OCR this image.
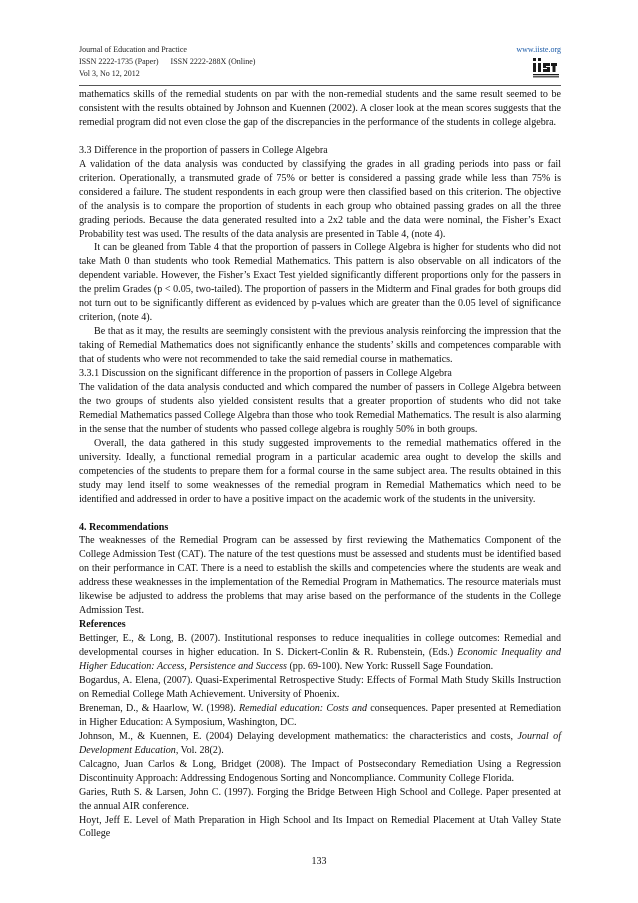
Journal of Education and Practice	www.iiste.org
ISSN 2222-1735 (Paper) ISSN 2222-288X (Online)
Vol 3, No 12, 2012

mathematics skills of the remedial students on par with the non-remedial students and the same result seemed to be consistent with the results obtained by Johnson and Kuennen (2002). A closer look at the mean scores suggests that the remedial program did not even close the gap of the discrepancies in the performance of the students in college algebra.

3.3 Difference in the proportion of passers in College Algebra

A validation of the data analysis was conducted by classifying the grades in all grading periods into pass or fail criterion. Operationally, a transmuted grade of 75% or better is considered a passing grade while less than 75% is considered a failure. The student respondents in each group were then classified based on this criterion. The objective of the analysis is to compare the proportion of students in each group who obtained passing grades on all the three grading periods. Because the data generated resulted into a 2x2 table and the data were nominal, the Fisher’s Exact Probability test was used. The results of the data analysis are presented in Table 4, (note 4).

It can be gleaned from Table 4 that the proportion of passers in College Algebra is higher for students who did not take Math 0 than students who took Remedial Mathematics. This pattern is also observable on all indicators of the dependent variable. However, the Fisher’s Exact Test yielded significantly different proportions only for the passers in the prelim Grades (p < 0.05, two-tailed). The proportion of passers in the Midterm and Final grades for both groups did not turn out to be significantly different as evidenced by p-values which are greater than the 0.05 level of significance criterion, (note 4).

Be that as it may, the results are seemingly consistent with the previous analysis reinforcing the impression that the taking of Remedial Mathematics does not significantly enhance the students’ skills and competences comparable with that of students who were not recommended to take the said remedial course in mathematics.

3.3.1 Discussion on the significant difference in the proportion of passers in College Algebra

The validation of the data analysis conducted and which compared the number of passers in College Algebra between the two groups of students also yielded consistent results that a greater proportion of students who did not take Remedial Mathematics passed College Algebra than those who took Remedial Mathematics. The result is also alarming in the sense that the number of students who passed college algebra is roughly 50% in both groups.

Overall, the data gathered in this study suggested improvements to the remedial mathematics offered in the university. Ideally, a functional remedial program in a particular academic area ought to develop the skills and competencies of the students to prepare them for a formal course in the same subject area. The results obtained in this study may lend itself to some weaknesses of the remedial program in Remedial Mathematics which need to be identified and addressed in order to have a positive impact on the academic work of the students in the university.

4. Recommendations

The weaknesses of the Remedial Program can be assessed by first reviewing the Mathematics Component of the College Admission Test (CAT). The nature of the test questions must be assessed and students must be identified based on their performance in CAT. There is a need to establish the skills and competencies where the students are weak and address these weaknesses in the implementation of the Remedial Program in Mathematics. The resource materials must likewise be adjusted to address the problems that may arise based on the performance of the students in the College Admission Test.

References

Bettinger, E., & Long, B. (2007). Institutional responses to reduce inequalities in college outcomes: Remedial and developmental courses in higher education. In S. Dickert-Conlin & R. Rubenstein, (Eds.) Economic Inequality and Higher Education: Access, Persistence and Success (pp. 69-100). New York: Russell Sage Foundation.

Bogardus, A. Elena, (2007). Quasi-Experimental Retrospective Study: Effects of Formal Math Study Skills Instruction on Remedial College Math Achievement. University of Phoenix.

Breneman, D., & Haarlow, W. (1998). Remedial education: Costs and consequences. Paper presented at Remediation in Higher Education: A Symposium, Washington, DC.

Johnson, M., & Kuennen, E. (2004) Delaying development mathematics: the characteristics and costs, Journal of Development Education, Vol. 28(2).

Calcagno, Juan Carlos & Long, Bridget (2008). The Impact of Postsecondary Remediation Using a Regression Discontinuity Approach: Addressing Endogenous Sorting and Noncompliance. Community College Florida.

Garies, Ruth S. & Larsen, John C. (1997). Forging the Bridge Between High School and College. Paper presented at the annual AIR conference.

Hoyt, Jeff E. Level of Math Preparation in High School and Its Impact on Remedial Placement at Utah Valley State College

133
